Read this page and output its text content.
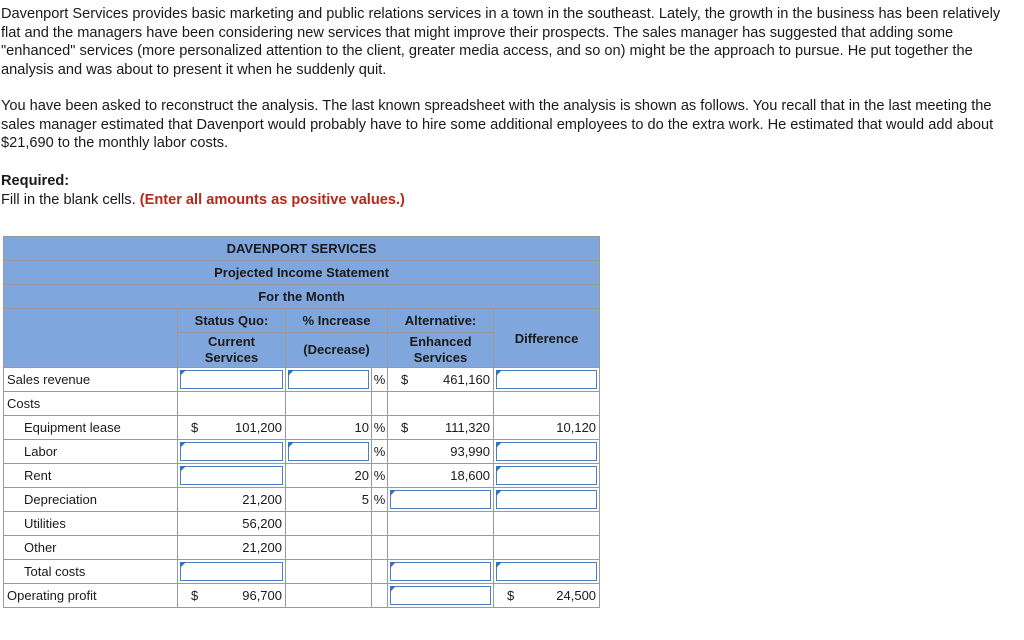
Davenport Services provides basic marketing and public relations services in a town in the southeast. Lately, the growth in the business has been relatively flat and the managers have been considering new services that might improve their prospects. The sales manager has suggested that adding some "enhanced" services (more personalized attention to the client, greater media access, and so on) might be the approach to pursue. He put together the analysis and was about to present it when he suddenly quit.

You have been asked to reconstruct the analysis. The last known spreadsheet with the analysis is shown as follows. You recall that in the last meeting the sales manager estimated that Davenport would probably have to hire some additional employees to do the extra work. He estimated that would add about $21,690 to the monthly labor costs.

Required:
Fill in the blank cells. (Enter all amounts as positive values.)
DAVENPORT SERVICES					
Projected Income Statement					
For the Month					
	Status Quo:	% Increase		Alternative:	Difference
	Current Services	(Decrease)		Enhanced Services	
Sales revenue			%	$ 461,160	

Costs					
Equipment lease	$ 101,200	10	%	$ 111,320	10,120
Labor			%	93,990	

Rent		20	%	18,600	

Depreciation	21,200	5	%	

Utilities	56,200				
Other	21,200				
Total costs	

Operating profit	$ 96,700				$ 24,500
